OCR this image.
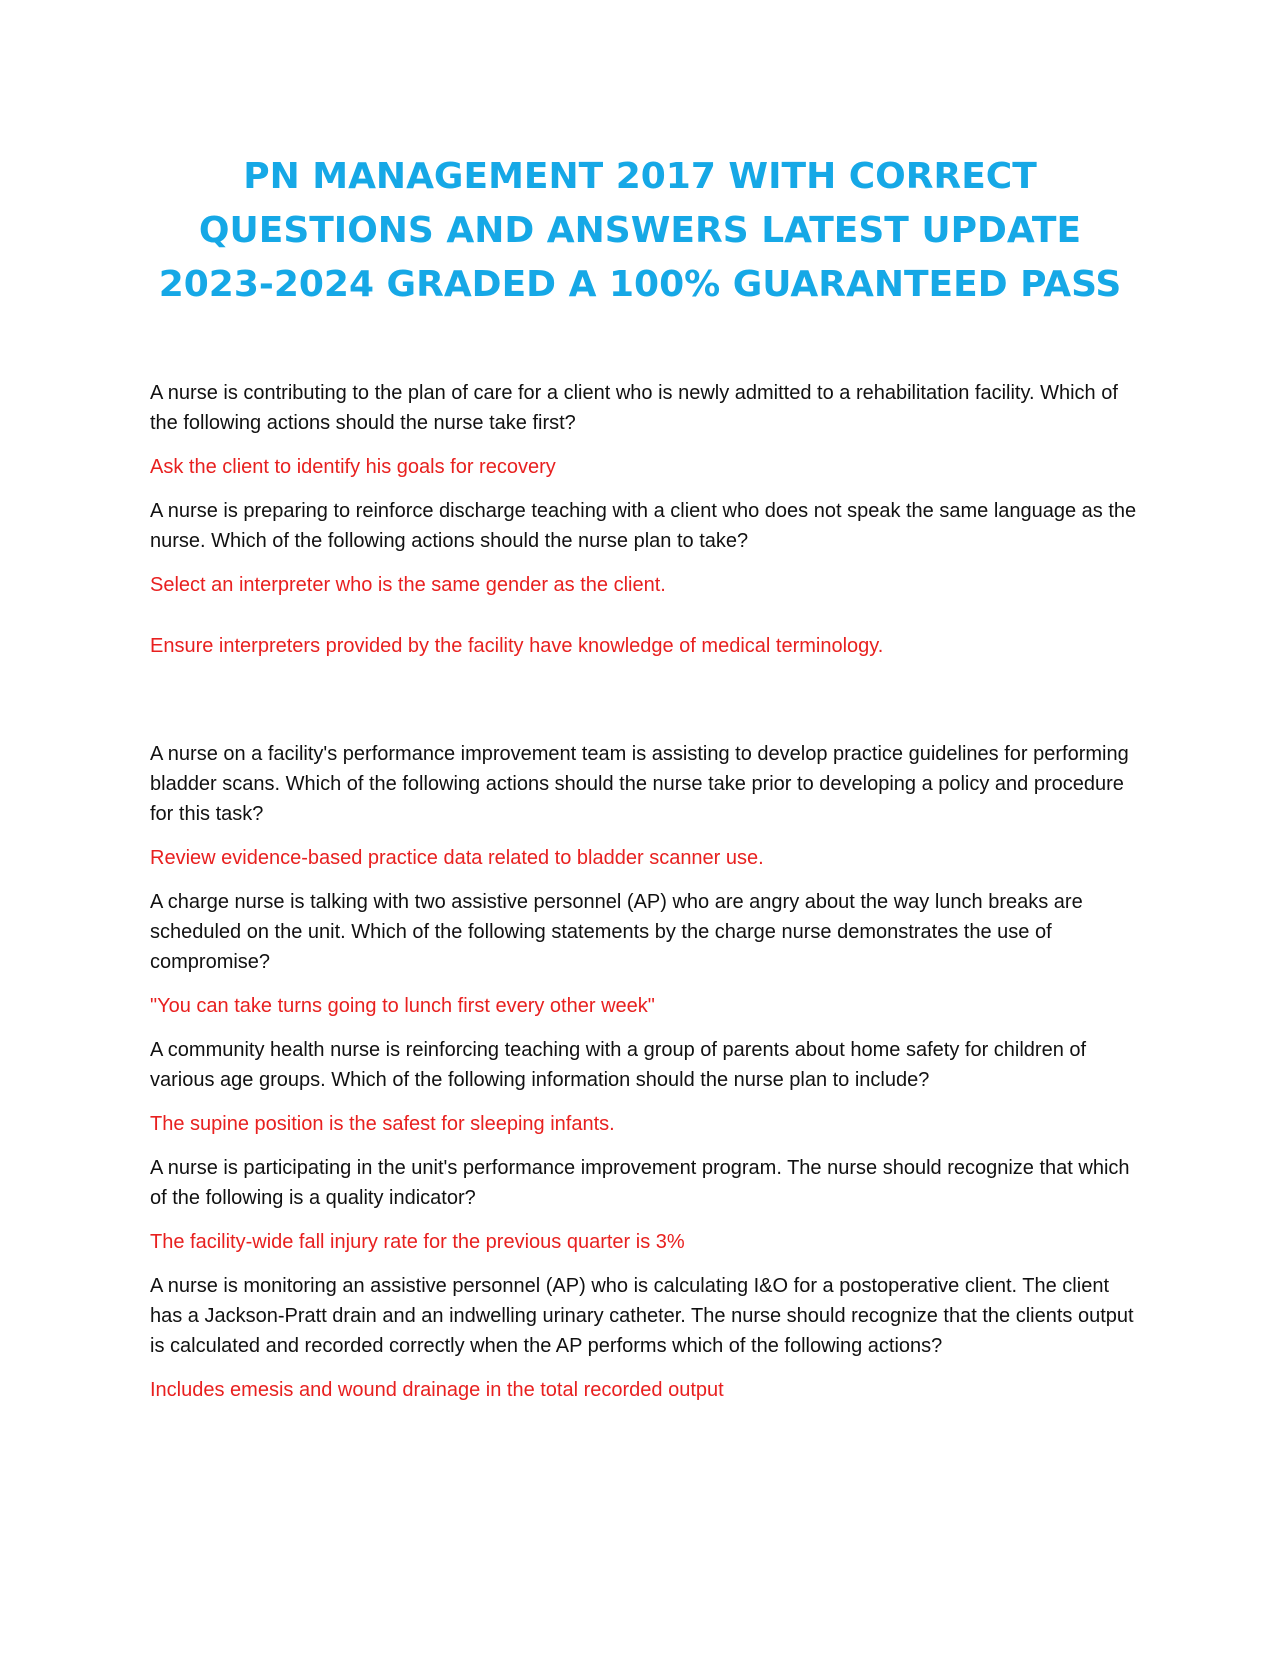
PN MANAGEMENT 2017 WITH CORRECT
QUESTIONS AND ANSWERS LATEST UPDATE
2023-2024 GRADED A 100% GUARANTEED PASS

A nurse is contributing to the plan of care for a client who is newly admitted to a rehabilitation facility. Which of the following actions should the nurse take first?

Ask the client to identify his goals for recovery

A nurse is preparing to reinforce discharge teaching with a client who does not speak the same language as the nurse. Which of the following actions should the nurse plan to take?

Select an interpreter who is the same gender as the client.

Ensure interpreters provided by the facility have knowledge of medical terminology.

A nurse on a facility's performance improvement team is assisting to develop practice guidelines for performing bladder scans. Which of the following actions should the nurse take prior to developing a policy and procedure for this task?

Review evidence-based practice data related to bladder scanner use.

A charge nurse is talking with two assistive personnel (AP) who are angry about the way lunch breaks are scheduled on the unit. Which of the following statements by the charge nurse demonstrates the use of compromise?

"You can take turns going to lunch first every other week"

A community health nurse is reinforcing teaching with a group of parents about home safety for children of various age groups. Which of the following information should the nurse plan to include?

The supine position is the safest for sleeping infants.

A nurse is participating in the unit's performance improvement program. The nurse should recognize that which of the following is a quality indicator?

The facility-wide fall injury rate for the previous quarter is 3%

A nurse is monitoring an assistive personnel (AP) who is calculating I&O for a postoperative client. The client has a Jackson-Pratt drain and an indwelling urinary catheter. The nurse should recognize that the clients output is calculated and recorded correctly when the AP performs which of the following actions?

Includes emesis and wound drainage in the total recorded output
